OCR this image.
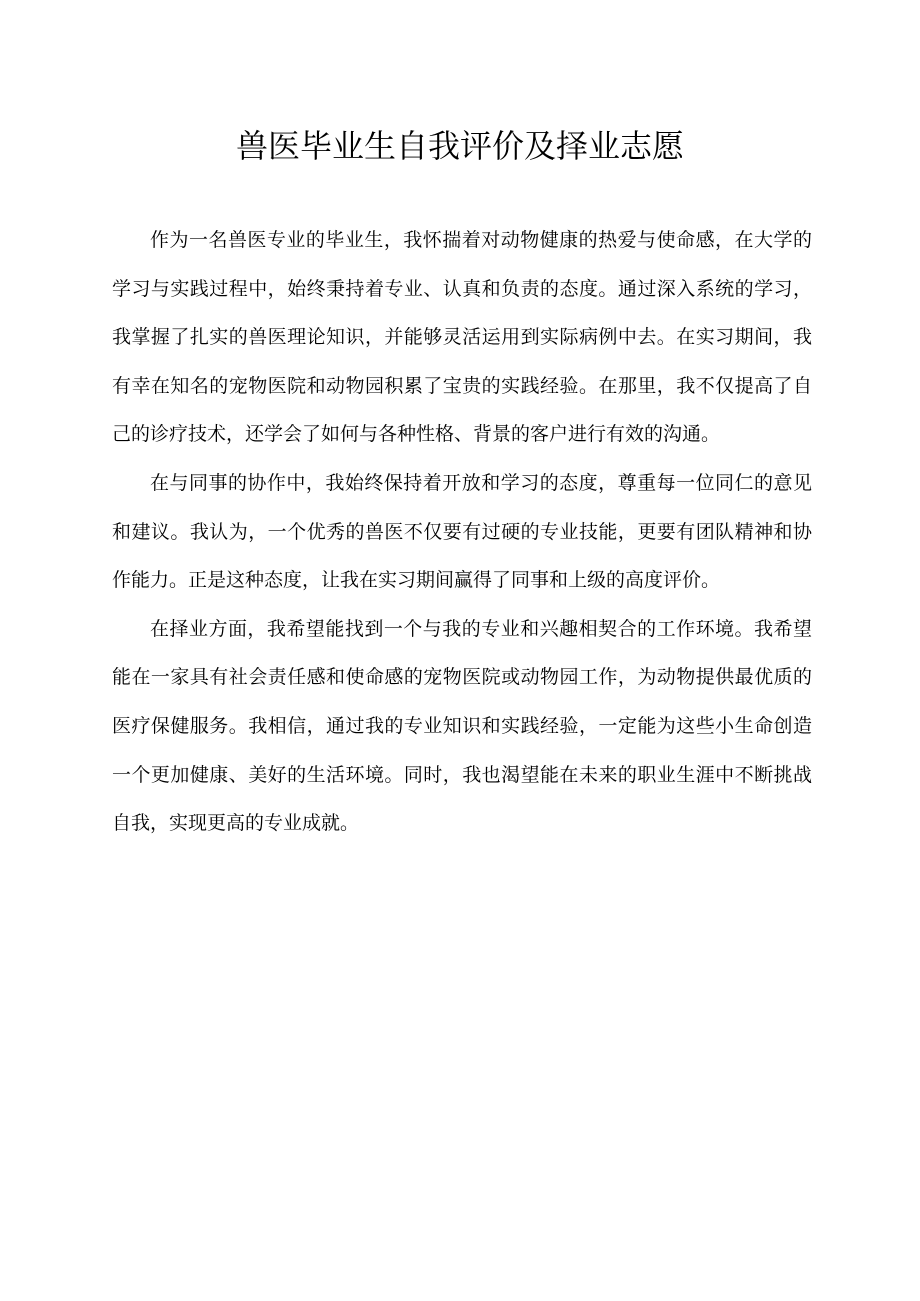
兽医毕业生自我评价及择业志愿

作为一名兽医专业的毕业生，我怀揣着对动物健康的热爱与使命感，在大学的学习与实践过程中，始终秉持着专业、认真和负责的态度。通过深入系统的学习，我掌握了扎实的兽医理论知识，并能够灵活运用到实际病例中去。在实习期间，我有幸在知名的宠物医院和动物园积累了宝贵的实践经验。在那里，我不仅提高了自己的诊疗技术，还学会了如何与各种性格、背景的客户进行有效的沟通。

在与同事的协作中，我始终保持着开放和学习的态度，尊重每一位同仁的意见和建议。我认为，一个优秀的兽医不仅要有过硬的专业技能，更要有团队精神和协作能力。正是这种态度，让我在实习期间赢得了同事和上级的高度评价。

在择业方面，我希望能找到一个与我的专业和兴趣相契合的工作环境。我希望能在一家具有社会责任感和使命感的宠物医院或动物园工作，为动物提供最优质的医疗保健服务。我相信，通过我的专业知识和实践经验，一定能为这些小生命创造一个更加健康、美好的生活环境。同时，我也渴望能在未来的职业生涯中不断挑战自我，实现更高的专业成就。
